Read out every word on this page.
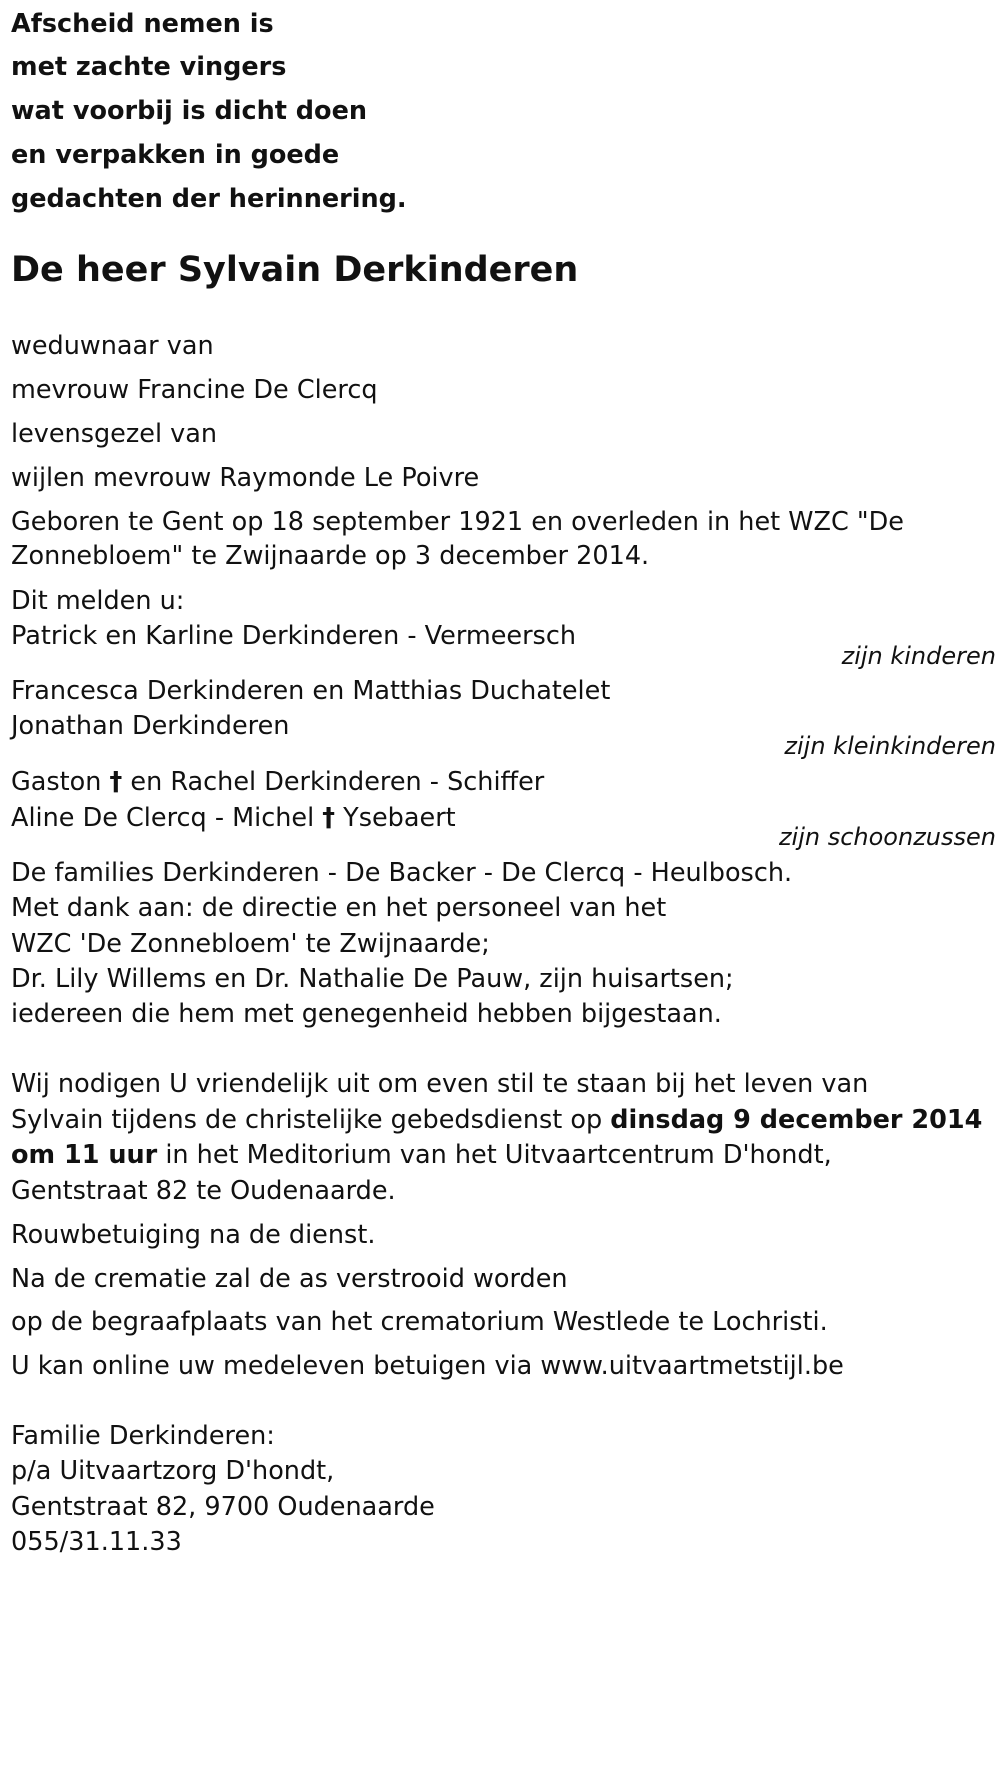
Afscheid nemen is
met zachte vingers
wat voorbij is dicht doen
en verpakken in goede
gedachten der herinnering.
De heer Sylvain Derkinderen
weduwnaar van
mevrouw Francine De Clercq
levensgezel van
wijlen mevrouw Raymonde Le Poivre
Geboren te Gent op 18 september 1921 en overleden in het WZC "De
Zonnebloem" te Zwijnaarde op 3 december 2014.
Dit melden u:
Patrick en Karline Derkinderen - Vermeersch
zijn kinderen
Francesca Derkinderen en Matthias Duchatelet
Jonathan Derkinderen
zijn kleinkinderen
Gaston † en Rachel Derkinderen - Schiffer
Aline De Clercq - Michel † Ysebaert
zijn schoonzussen
De families Derkinderen - De Backer - De Clercq - Heulbosch.
Met dank aan: de directie en het personeel van het
WZC 'De Zonnebloem' te Zwijnaarde;
Dr. Lily Willems en Dr. Nathalie De Pauw, zijn huisartsen;
iedereen die hem met genegenheid hebben bijgestaan.
Wij nodigen U vriendelijk uit om even stil te staan bij het leven van
Sylvain tijdens de christelijke gebedsdienst op dinsdag 9 december 2014
om 11 uur in het Meditorium van het Uitvaartcentrum D'hondt,
Gentstraat 82 te Oudenaarde.
Rouwbetuiging na de dienst.
Na de crematie zal de as verstrooid worden
op de begraafplaats van het crematorium Westlede te Lochristi.
U kan online uw medeleven betuigen via www.uitvaartmetstijl.be
Familie Derkinderen:
p/a Uitvaartzorg D'hondt,
Gentstraat 82, 9700 Oudenaarde
055/31.11.33
